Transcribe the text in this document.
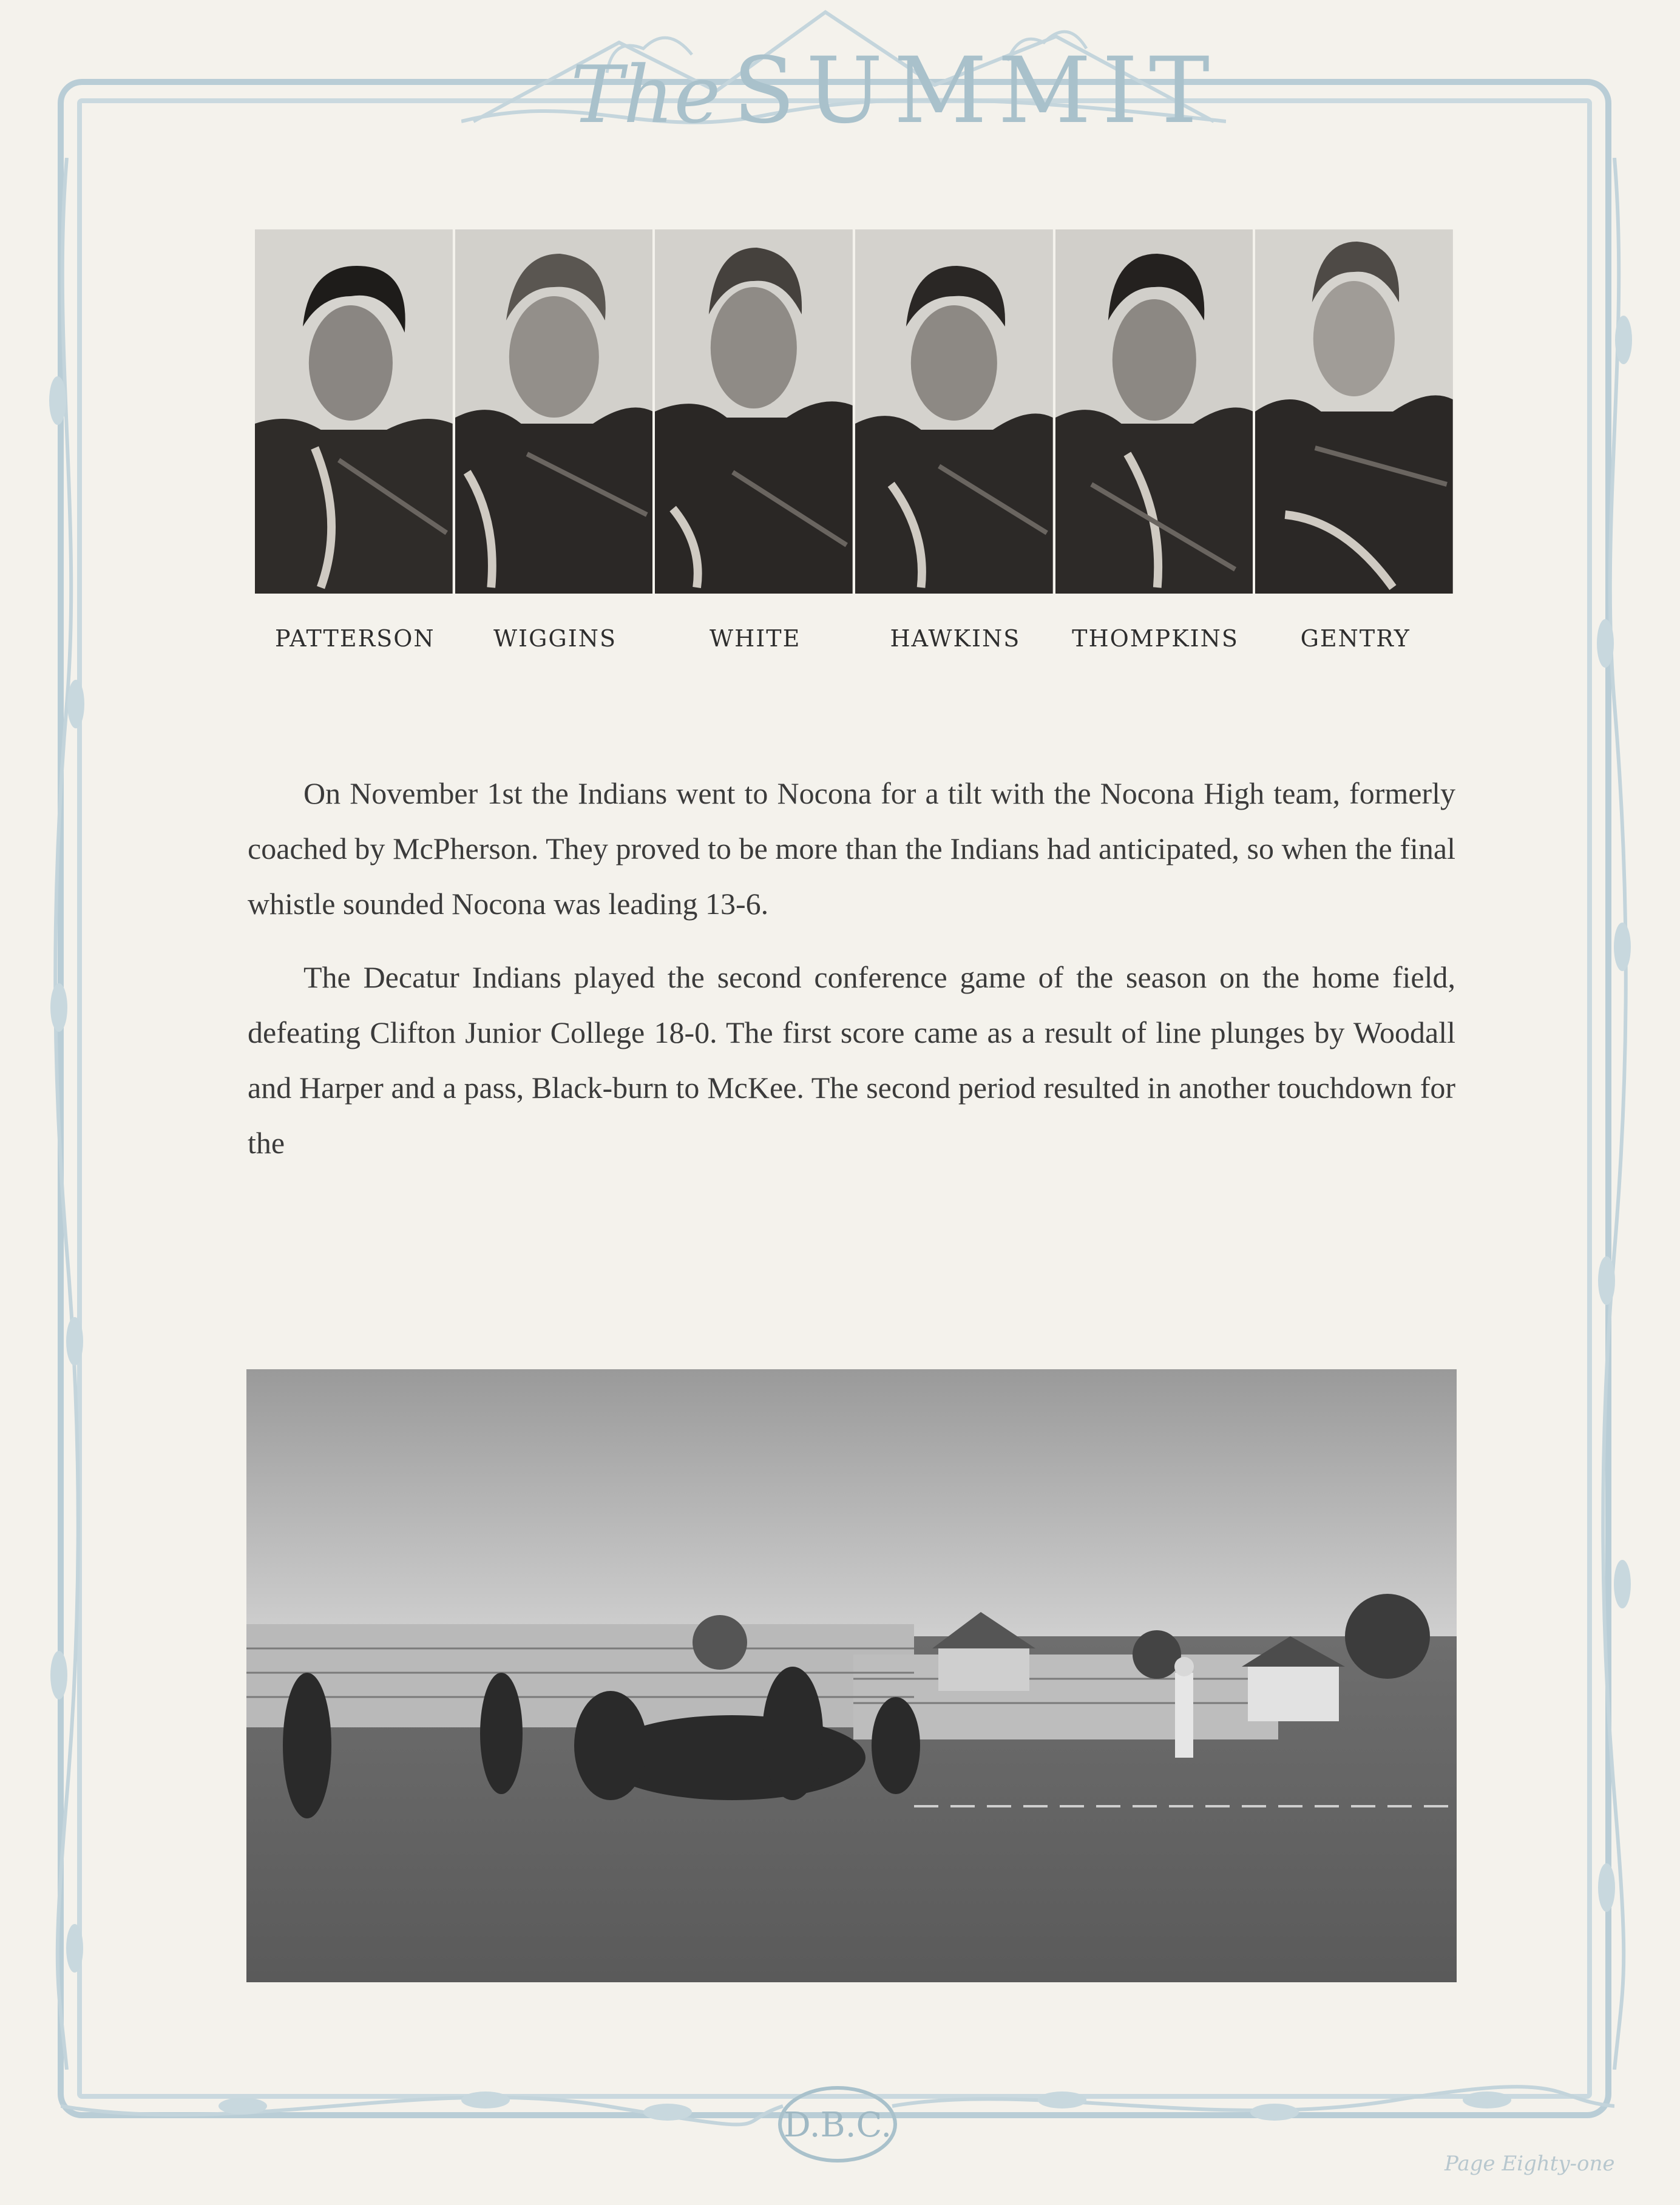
The SUMMIT
PATTERSON	WIGGINS	WHITE	HAWKINS	THOMPKINS	GENTRY

On November 1st the Indians went to Nocona for a tilt with the Nocona High team, formerly coached by McPherson. They proved to be more than the Indians had anticipated, so when the final whistle sounded Nocona was leading 13-6.

The Decatur Indians played the second conference game of the season on the home field, defeating Clifton Junior College 18-0. The first score came as a result of line plunges by Woodall and Harper and a pass, Black-burn to McKee. The second period resulted in another touchdown for the

D.B.C.
Page Eighty-one
